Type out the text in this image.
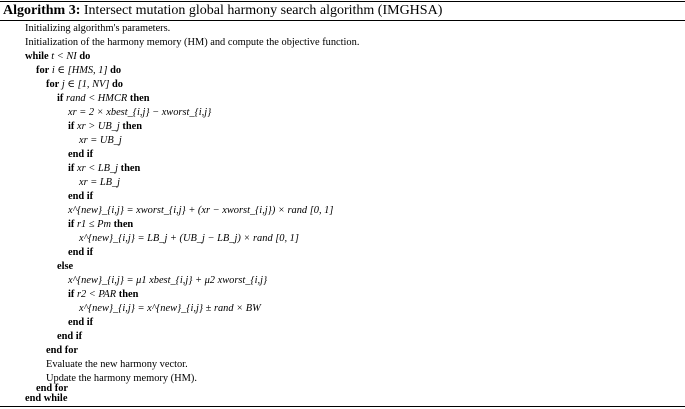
Algorithm 3: Intersect mutation global harmony search algorithm (IMGHSA)
Initializing algorithm's parameters.
Initialization of the harmony memory (HM) and compute the objective function.
while t < NI do
for i ∈ [HMS, 1] do
for j ∈ [1, NV] do
if rand < HMCR then
xr = 2 × xbest_{i,j} − xworst_{i,j}
if xr > UB_j then
xr = UB_j
end if
if xr < LB_j then
xr = LB_j
end if
x^{new}_{i,j} = xworst_{i,j} + (xr − xworst_{i,j}) × rand [0, 1]
if r1 ≤ Pm then
x^{new}_{i,j} = LB_j + (UB_j − LB_j) × rand [0, 1]
end if
else
x^{new}_{i,j} = μ1 xbest_{i,j} + μ2 xworst_{i,j}
if r2 < PAR then
x^{new}_{i,j} = x^{new}_{i,j} ± rand × BW
end if
end if
end for
Evaluate the new harmony vector.
Update the harmony memory (HM).
end for
end while
